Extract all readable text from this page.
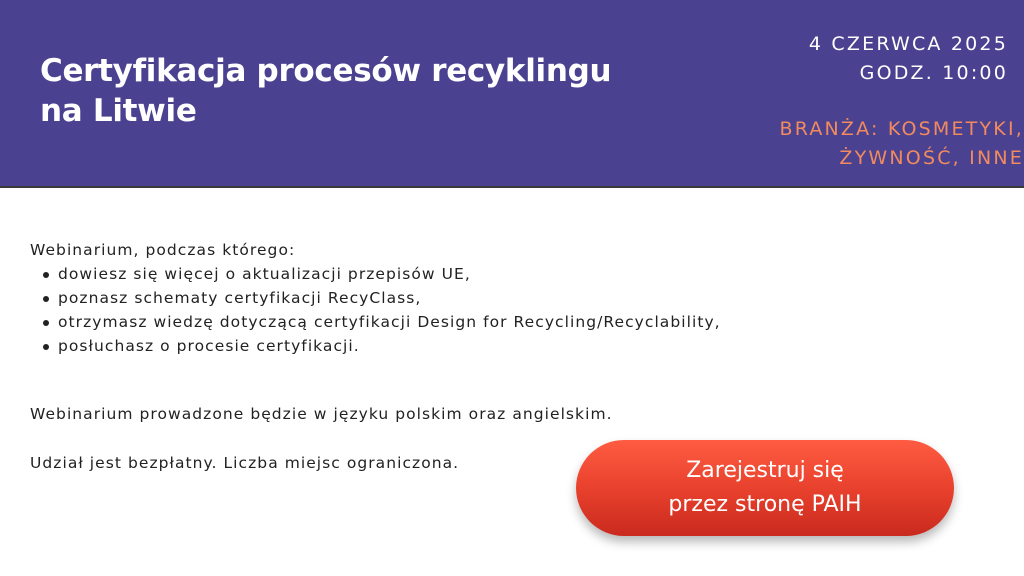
Certyfikacja procesów recyklingu
na Litwie
4 CZERWCA 2025
GODZ. 10:00
BRANŻA: KOSMETYKI,
ŻYWNOŚĆ, INNE
Webinarium, podczas którego:
dowiesz się więcej o aktualizacji przepisów UE,
poznasz schematy certyfikacji RecyClass,
otrzymasz wiedzę dotyczącą certyfikacji Design for Recycling/Recyclability,
posłuchasz o procesie certyfikacji.
Webinarium prowadzone będzie w języku polskim oraz angielskim.
Udział jest bezpłatny. Liczba miejsc ograniczona.	Zarejestruj się
przez stronę PAIH
